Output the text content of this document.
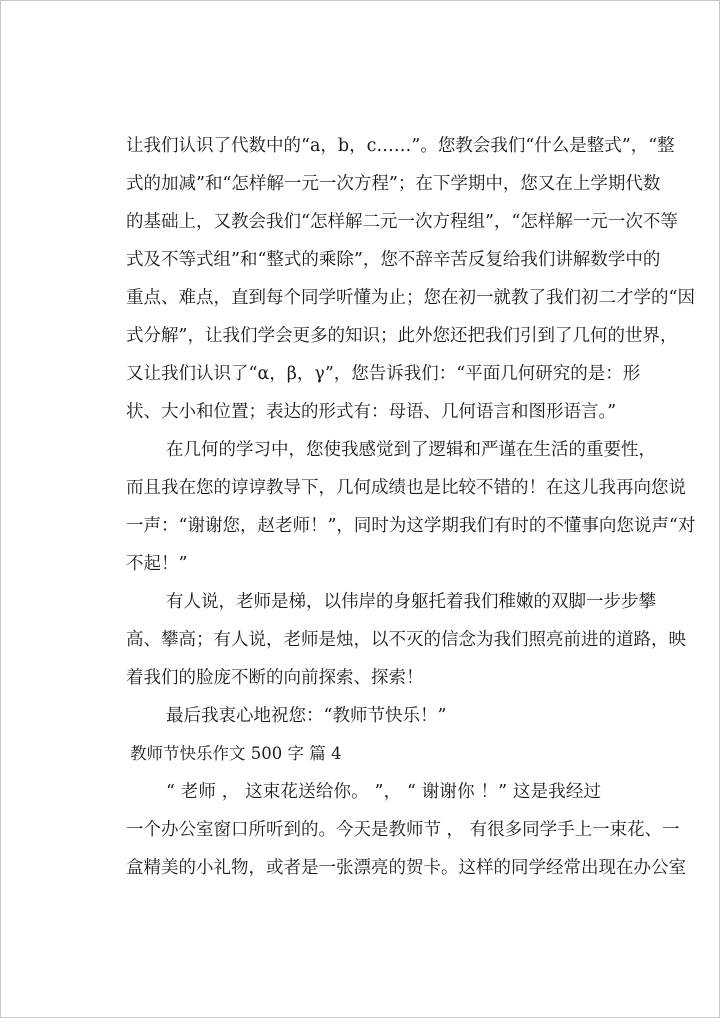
让我们认识了代数中的“a，b，c……”。您教会我们“什么是整式”，“整
式的加减”和“怎样解一元一次方程”；在下学期中，您又在上学期代数
的基础上，又教会我们“怎样解二元一次方程组”，“怎样解一元一次不等
式及不等式组”和“整式的乘除”，您不辞辛苦反复给我们讲解数学中的
重点、难点，直到每个同学听懂为止；您在初一就教了我们初二才学的“因
式分解”，让我们学会更多的知识；此外您还把我们引到了几何的世界，
又让我们认识了“α，β，γ”，您告诉我们：“平面几何研究的是：形
状、大小和位置；表达的形式有：母语、几何语言和图形语言。”
在几何的学习中，您使我感觉到了逻辑和严谨在生活的重要性，
而且我在您的谆谆教导下，几何成绩也是比较不错的！在这儿我再向您说
一声：“谢谢您，赵老师！”，同时为这学期我们有时的不懂事向您说声“对
不起！”
有人说，老师是梯，以伟岸的身躯托着我们稚嫩的双脚一步步攀
高、攀高；有人说，老师是烛，以不灭的信念为我们照亮前进的道路，映
着我们的脸庞不断的向前探索、探索！
最后我衷心地祝您：“教师节快乐！”
教师节快乐作文 500 字 篇 4
“ 老师 ， 这束花送给你。 ”， “ 谢谢你 ！” 这是我经过
一个办公室窗口所听到的。今天是教师节 ， 有很多同学手上一束花、一
盒精美的小礼物，或者是一张漂亮的贺卡。这样的同学经常出现在办公室
